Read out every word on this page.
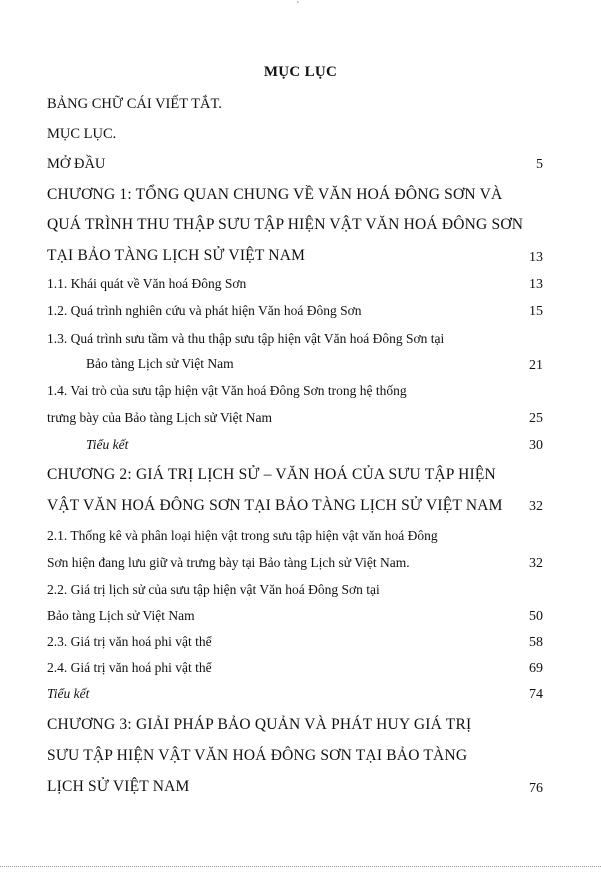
'
MỤC LỤC
BẢNG CHỮ CÁI VIẾT TẮT.
MỤC LỤC.
MỞ ĐẦU	5
CHƯƠNG 1: TỔNG QUAN CHUNG VỀ VĂN HOÁ ĐÔNG SƠN VÀ
QUÁ TRÌNH THU THẬP SƯU TẬP HIỆN VẬT VĂN HOÁ ĐÔNG SƠN
TẠI BẢO TÀNG LỊCH SỬ VIỆT NAM	13
1.1. Khái quát về Văn hoá Đông Sơn	13
1.2. Quá trình nghiên cứu và phát hiện Văn hoá Đông Sơn	15
1.3. Quá trình sưu tầm và thu thập sưu tập hiện vật Văn hoá Đông Sơn tại
Bảo tàng Lịch sử Việt Nam	21
1.4. Vai trò của sưu tập hiện vật Văn hoá Đông Sơn trong hệ thống
trưng bày của Bảo tàng Lịch sử Việt Nam	25
Tiểu kết	30
CHƯƠNG 2: GIÁ TRỊ LỊCH SỬ – VĂN HOÁ CỦA SƯU TẬP HIỆN
VẬT VĂN HOÁ ĐÔNG SƠN TẠI BẢO TÀNG LỊCH SỬ VIỆT NAM	32
2.1. Thống kê và phân loại hiện vật trong sưu tập hiện vật văn hoá Đông
Sơn hiện đang lưu giữ và trưng bày tại Bảo tàng Lịch sử Việt Nam.	32
2.2. Giá trị lịch sử của sưu tập hiện vật Văn hoá Đông Sơn tại
Bảo tàng Lịch sử Việt Nam	50
2.3. Giá trị văn hoá phi vật thể	58
2.4. Giá trị văn hoá phi vật thể	69
Tiểu kết	74
CHƯƠNG 3: GIẢI PHÁP BẢO QUẢN VÀ PHÁT HUY GIÁ TRỊ
SƯU TẬP HIỆN VẬT VĂN HOÁ ĐÔNG SƠN TẠI BẢO TÀNG
LỊCH SỬ VIỆT NAM	76
